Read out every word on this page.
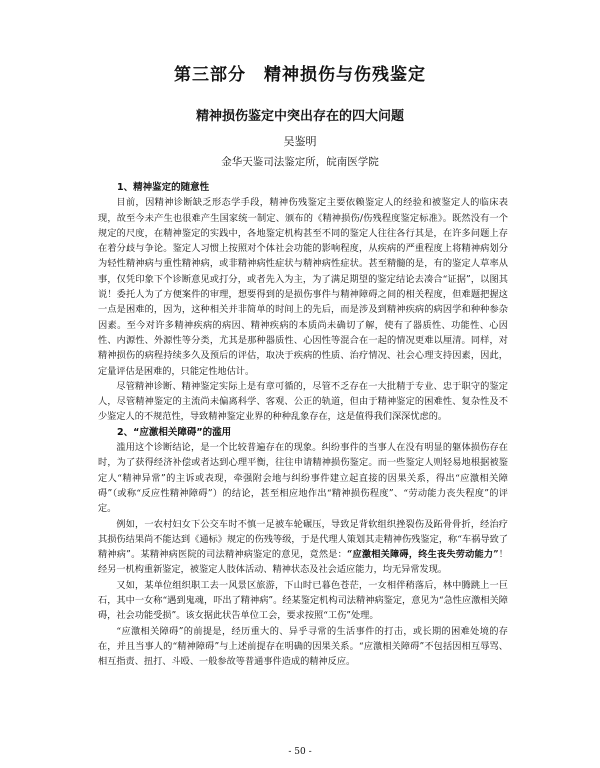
第三部分　精神损伤与伤残鉴定
精神损伤鉴定中突出存在的四大问题
吴鉴明
金华天鉴司法鉴定所，皖南医学院
1、精神鉴定的随意性

目前，因精神诊断缺乏形态学手段，精神伤残鉴定主要依赖鉴定人的经验和被鉴定人的临床表现，故至今未产生也很难产生国家统一制定、颁布的《精神损伤/伤残程度鉴定标准》。既然没有一个规定的尺度，在精神鉴定的实践中，各地鉴定机构甚至不同的鉴定人往往各行其是，在许多问题上存在着分歧与争论。鉴定人习惯上按照对个体社会功能的影响程度，从疾病的严重程度上将精神病划分为轻性精神病与重性精神病，或非精神病性症状与精神病性症状。甚至精髓的是，有的鉴定人草率从事，仅凭印象下个诊断意见或打分，或者先入为主，为了满足期望的鉴定结论去凑合“证据”，以图其说！委托人为了方便案件的审理，想要得到的是损伤事件与精神障碍之间的相关程度，但难题把握这一点是困难的，因为，这种相关并非简单的时间上的先后，而是涉及到精神疾病的病因学和种种参杂因素。至今对许多精神疾病的病因、精神疾病的本质尚未确切了解，使有了器质性、功能性、心因性、内源性、外源性等分类，尤其是那种器质性、心因性等混合在一起的情况更难以厘清。同样，对精神损伤的病程持续多久及预后的评估，取决于疾病的性质、治疗情况、社会心理支持因素，因此，定量评估是困难的，只能定性地估计。

尽管精神诊断、精神鉴定实际上是有章可循的，尽管不乏存在一大批精于专业、忠于职守的鉴定人，尽管精神鉴定的主流尚未偏离科学、客观、公正的轨道，但由于精神鉴定的困难性、复杂性及不少鉴定人的不规范性，导致精神鉴定业界的种种乱象存在，这是值得我们深深忧虑的。

2、“应激相关障碍”的滥用

滥用这个诊断结论，是一个比较普遍存在的现象。纠纷事件的当事人在没有明显的躯体损伤存在时，为了获得经济补偿或者达到心理平衡，往往申请精神损伤鉴定。而一些鉴定人则轻易地根据被鉴定人“精神异常”的主诉或表现，牵强附会地与纠纷事件建立起直接的因果关系，得出“应激相关障碍”（或称“反应性精神障碍”）的结论，甚至相应地作出“精神损伤程度”、“劳动能力丧失程度”的评定。

例如，一农村妇女下公交车时不慎一足被车轮碾压，导致足背软组织挫裂伤及跖骨骨折，经治疗其损伤结果尚不能达到《通标》规定的伤残等级，于是代理人策划其走精神伤残鉴定，称“车祸导致了精神病”。某精神病医院的司法精神病鉴定的意见，竟然是：“应激相关障碍，终生丧失劳动能力”！经另一机构重新鉴定，被鉴定人肢体活动、精神状态及社会适应能力，均无异常发现。

又如，某单位组织职工去一风景区旅游，下山时已暮色苍茫，一女相伴稍落后，林中腾跳上一巨石，其中一女称“遇到鬼魂，吓出了精神病”。经某鉴定机构司法精神病鉴定，意见为“急性应激相关障碍，社会功能受损”。该女据此状告单位工会，要求按照“工伤”处理。

“应激相关障碍”的前提是，经历重大的、异乎寻常的生活事件的打击，或长期的困难处境的存在，并且当事人的“精神障碍”与上述前提存在明确的因果关系。“应激相关障碍”不包括因相互辱骂、相互指责、扭打、斗殴、一般参故等普通事件造成的精神反应。

- 50 -
